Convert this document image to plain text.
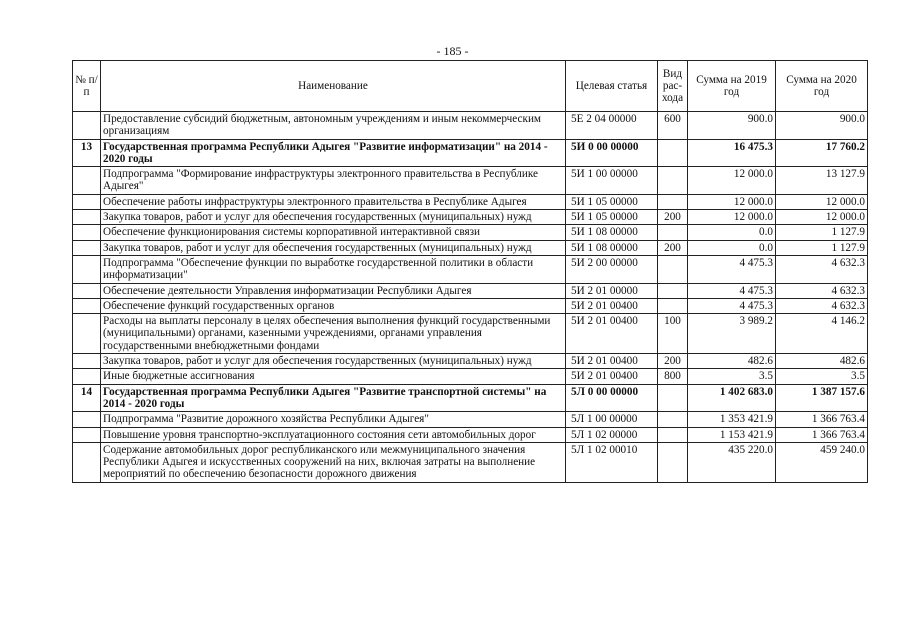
- 185 -
№ п/п	Наименование	Целевая статья	Вид рас-хода	Сумма на 2019 год	Сумма на 2020 год
	Предоставление субсидий бюджетным, автономным учреждениям и иным некоммерческим организациям	5Е 2 04 00000	600	900.0	900.0
13	Государственная программа Республики Адыгея "Развитие информатизации" на 2014 - 2020 годы	5И 0 00 00000		16 475.3	17 760.2
	Подпрограмма "Формирование инфраструктуры электронного правительства в Республике Адыгея"	5И 1 00 00000		12 000.0	13 127.9
	Обеспечение работы инфраструктуры электронного правительства в Республике Адыгея	5И 1 05 00000		12 000.0	12 000.0
	Закупка товаров, работ и услуг для обеспечения государственных (муниципальных) нужд	5И 1 05 00000	200	12 000.0	12 000.0
	Обеспечение функционирования системы корпоративной интерактивной связи	5И 1 08 00000		0.0	1 127.9
	Закупка товаров, работ и услуг для обеспечения государственных (муниципальных) нужд	5И 1 08 00000	200	0.0	1 127.9
	Подпрограмма "Обеспечение функции по выработке государственной политики в области информатизации"	5И 2 00 00000		4 475.3	4 632.3
	Обеспечение деятельности Управления информатизации Республики Адыгея	5И 2 01 00000		4 475.3	4 632.3
	Обеспечение функций государственных органов	5И 2 01 00400		4 475.3	4 632.3
	Расходы на выплаты персоналу в целях обеспечения выполнения функций государственными (муниципальными) органами, казенными учреждениями, органами управления государственными внебюджетными фондами	5И 2 01 00400	100	3 989.2	4 146.2
	Закупка товаров, работ и услуг для обеспечения государственных (муниципальных) нужд	5И 2 01 00400	200	482.6	482.6
	Иные бюджетные ассигнования	5И 2 01 00400	800	3.5	3.5
14	Государственная программа Республики Адыгея "Развитие транспортной системы" на 2014 - 2020 годы	5Л 0 00 00000		1 402 683.0	1 387 157.6
	Подпрограмма "Развитие дорожного хозяйства Республики Адыгея"	5Л 1 00 00000		1 353 421.9	1 366 763.4
	Повышение уровня транспортно-эксплуатационного состояния сети автомобильных дорог	5Л 1 02 00000		1 153 421.9	1 366 763.4
	Содержание автомобильных дорог республиканского или межмуниципального значения Республики Адыгея и искусственных сооружений на них, включая затраты на выполнение мероприятий по обеспечению безопасности дорожного движения	5Л 1 02 00010		435 220.0	459 240.0
